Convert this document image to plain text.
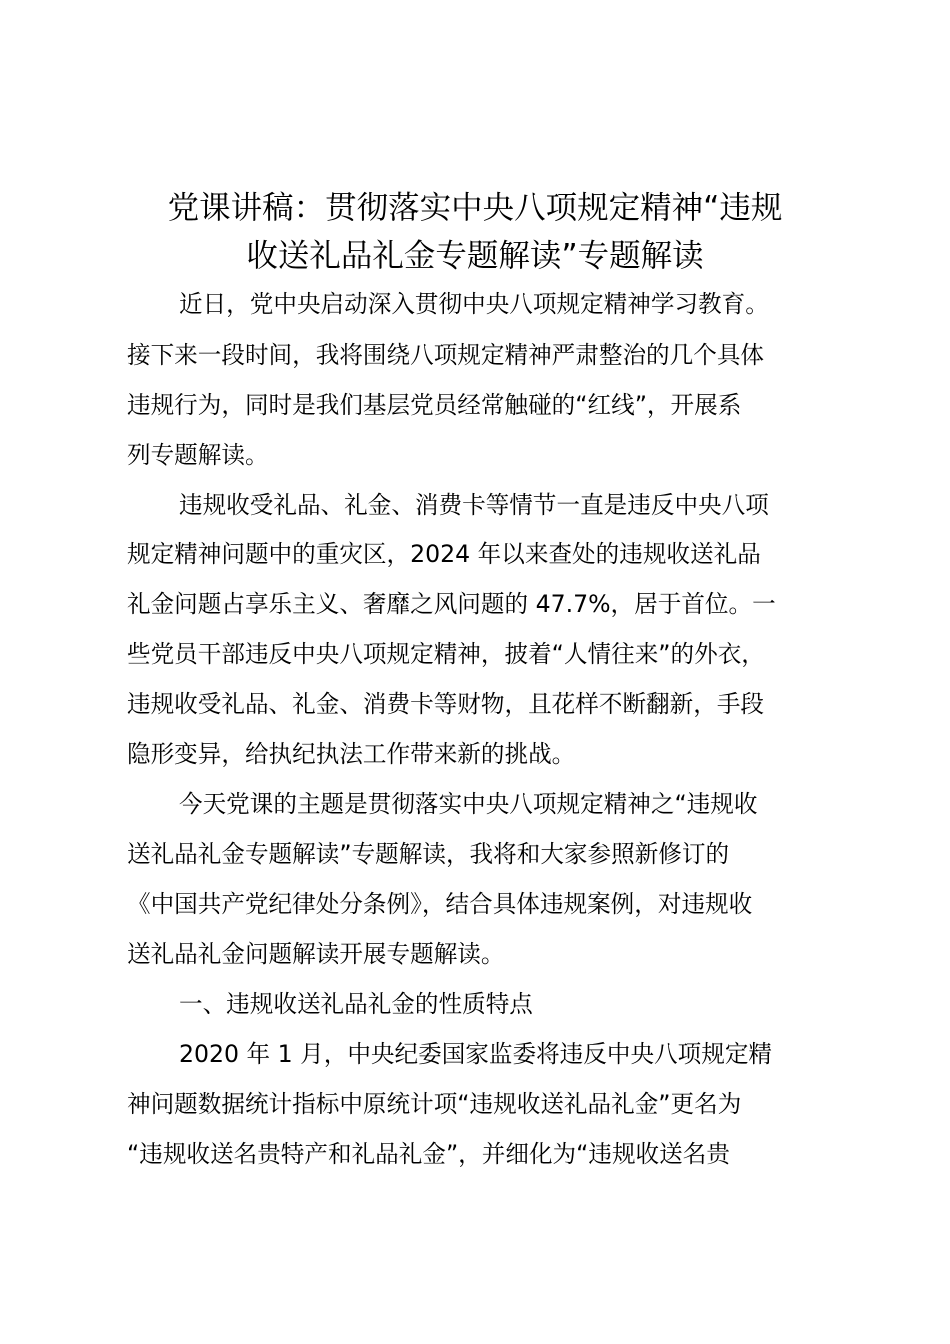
党课讲稿：贯彻落实中央八项规定精神“违规
收送礼品礼金专题解读”专题解读
近日，党中央启动深入贯彻中央八项规定精神学习教育。
接下来一段时间，我将围绕八项规定精神严肃整治的几个具体
违规行为，同时是我们基层党员经常触碰的“红线”，开展系
列专题解读。
违规收受礼品、礼金、消费卡等情节一直是违反中央八项
规定精神问题中的重灾区，2024 年以来查处的违规收送礼品
礼金问题占享乐主义、奢靡之风问题的 47.7%，居于首位。一
些党员干部违反中央八项规定精神，披着“人情往来”的外衣，
违规收受礼品、礼金、消费卡等财物，且花样不断翻新，手段
隐形变异，给执纪执法工作带来新的挑战。
今天党课的主题是贯彻落实中央八项规定精神之“违规收
送礼品礼金专题解读”专题解读，我将和大家参照新修订的
《中国共产党纪律处分条例》，结合具体违规案例，对违规收
送礼品礼金问题解读开展专题解读。
一、违规收送礼品礼金的性质特点
2020 年 1 月，中央纪委国家监委将违反中央八项规定精
神问题数据统计指标中原统计项“违规收送礼品礼金”更名为
“违规收送名贵特产和礼品礼金”，并细化为“违规收送名贵
